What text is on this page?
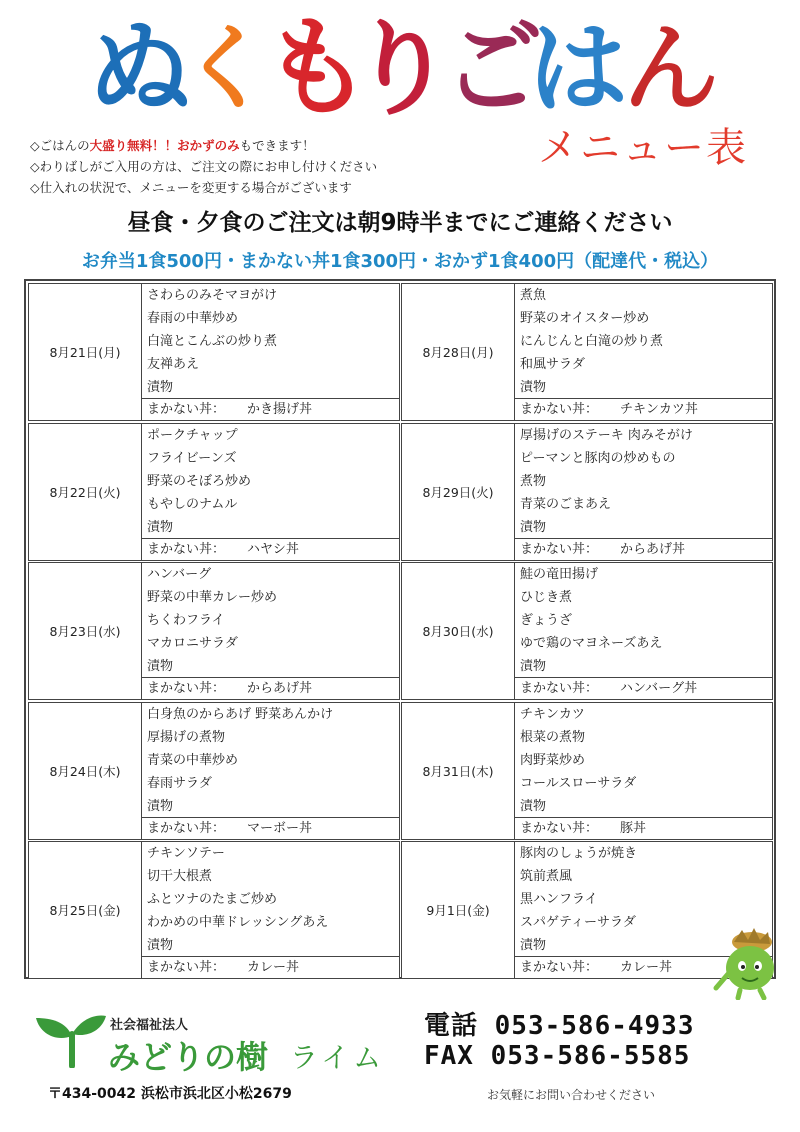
ぬ
く
も
り
ご
は
ん
メニュー表
◇ごはんの大盛り無料！！おかずのみもできます！
◇わりばしがご入用の方は、ご注文の際にお申し付けください
◇仕入れの状況で、メニューを変更する場合がございます
昼食・夕食のご注文は朝9時半までにご連絡ください
お弁当1食500円・まかない丼1食300円・おかず1食400円（配達代・税込）
8月21日(月)
さわらのみそマヨがけ
春雨の中華炒め
白滝とこんぶの炒り煮
友禅あえ
漬物
まかない丼： かき揚げ丼
8月28日(月)
煮魚
野菜のオイスター炒め
にんじんと白滝の炒り煮
和風サラダ
漬物
まかない丼： チキンカツ丼
8月22日(火)
ポークチャップ
フライビーンズ
野菜のそぼろ炒め
もやしのナムル
漬物
まかない丼： ハヤシ丼
8月29日(火)
厚揚げのステーキ 肉みそがけ
ピーマンと豚肉の炒めもの
煮物
青菜のごまあえ
漬物
まかない丼： からあげ丼
8月23日(水)
ハンバーグ
野菜の中華カレー炒め
ちくわフライ
マカロニサラダ
漬物
まかない丼： からあげ丼
8月30日(水)
鮭の竜田揚げ
ひじき煮
ぎょうざ
ゆで鶏のマヨネーズあえ
漬物
まかない丼： ハンバーグ丼
8月24日(木)
白身魚のからあげ 野菜あんかけ
厚揚げの煮物
青菜の中華炒め
春雨サラダ
漬物
まかない丼： マーボー丼
8月31日(木)
チキンカツ
根菜の煮物
肉野菜炒め
コールスローサラダ
漬物
まかない丼： 豚丼
8月25日(金)
チキンソテー
切干大根煮
ふとツナのたまご炒め
わかめの中華ドレッシングあえ
漬物
まかない丼： カレー丼
9月1日(金)
豚肉のしょうが焼き
筑前煮風
黒ハンフライ
スパゲティーサラダ
漬物
まかない丼： カレー丼
社会福祉法人
みどりの樹 ライム
電話 053-586-4933
FAX 053-586-5585
〒434-0042 浜松市浜北区小松2679	お気軽にお問い合わせください
